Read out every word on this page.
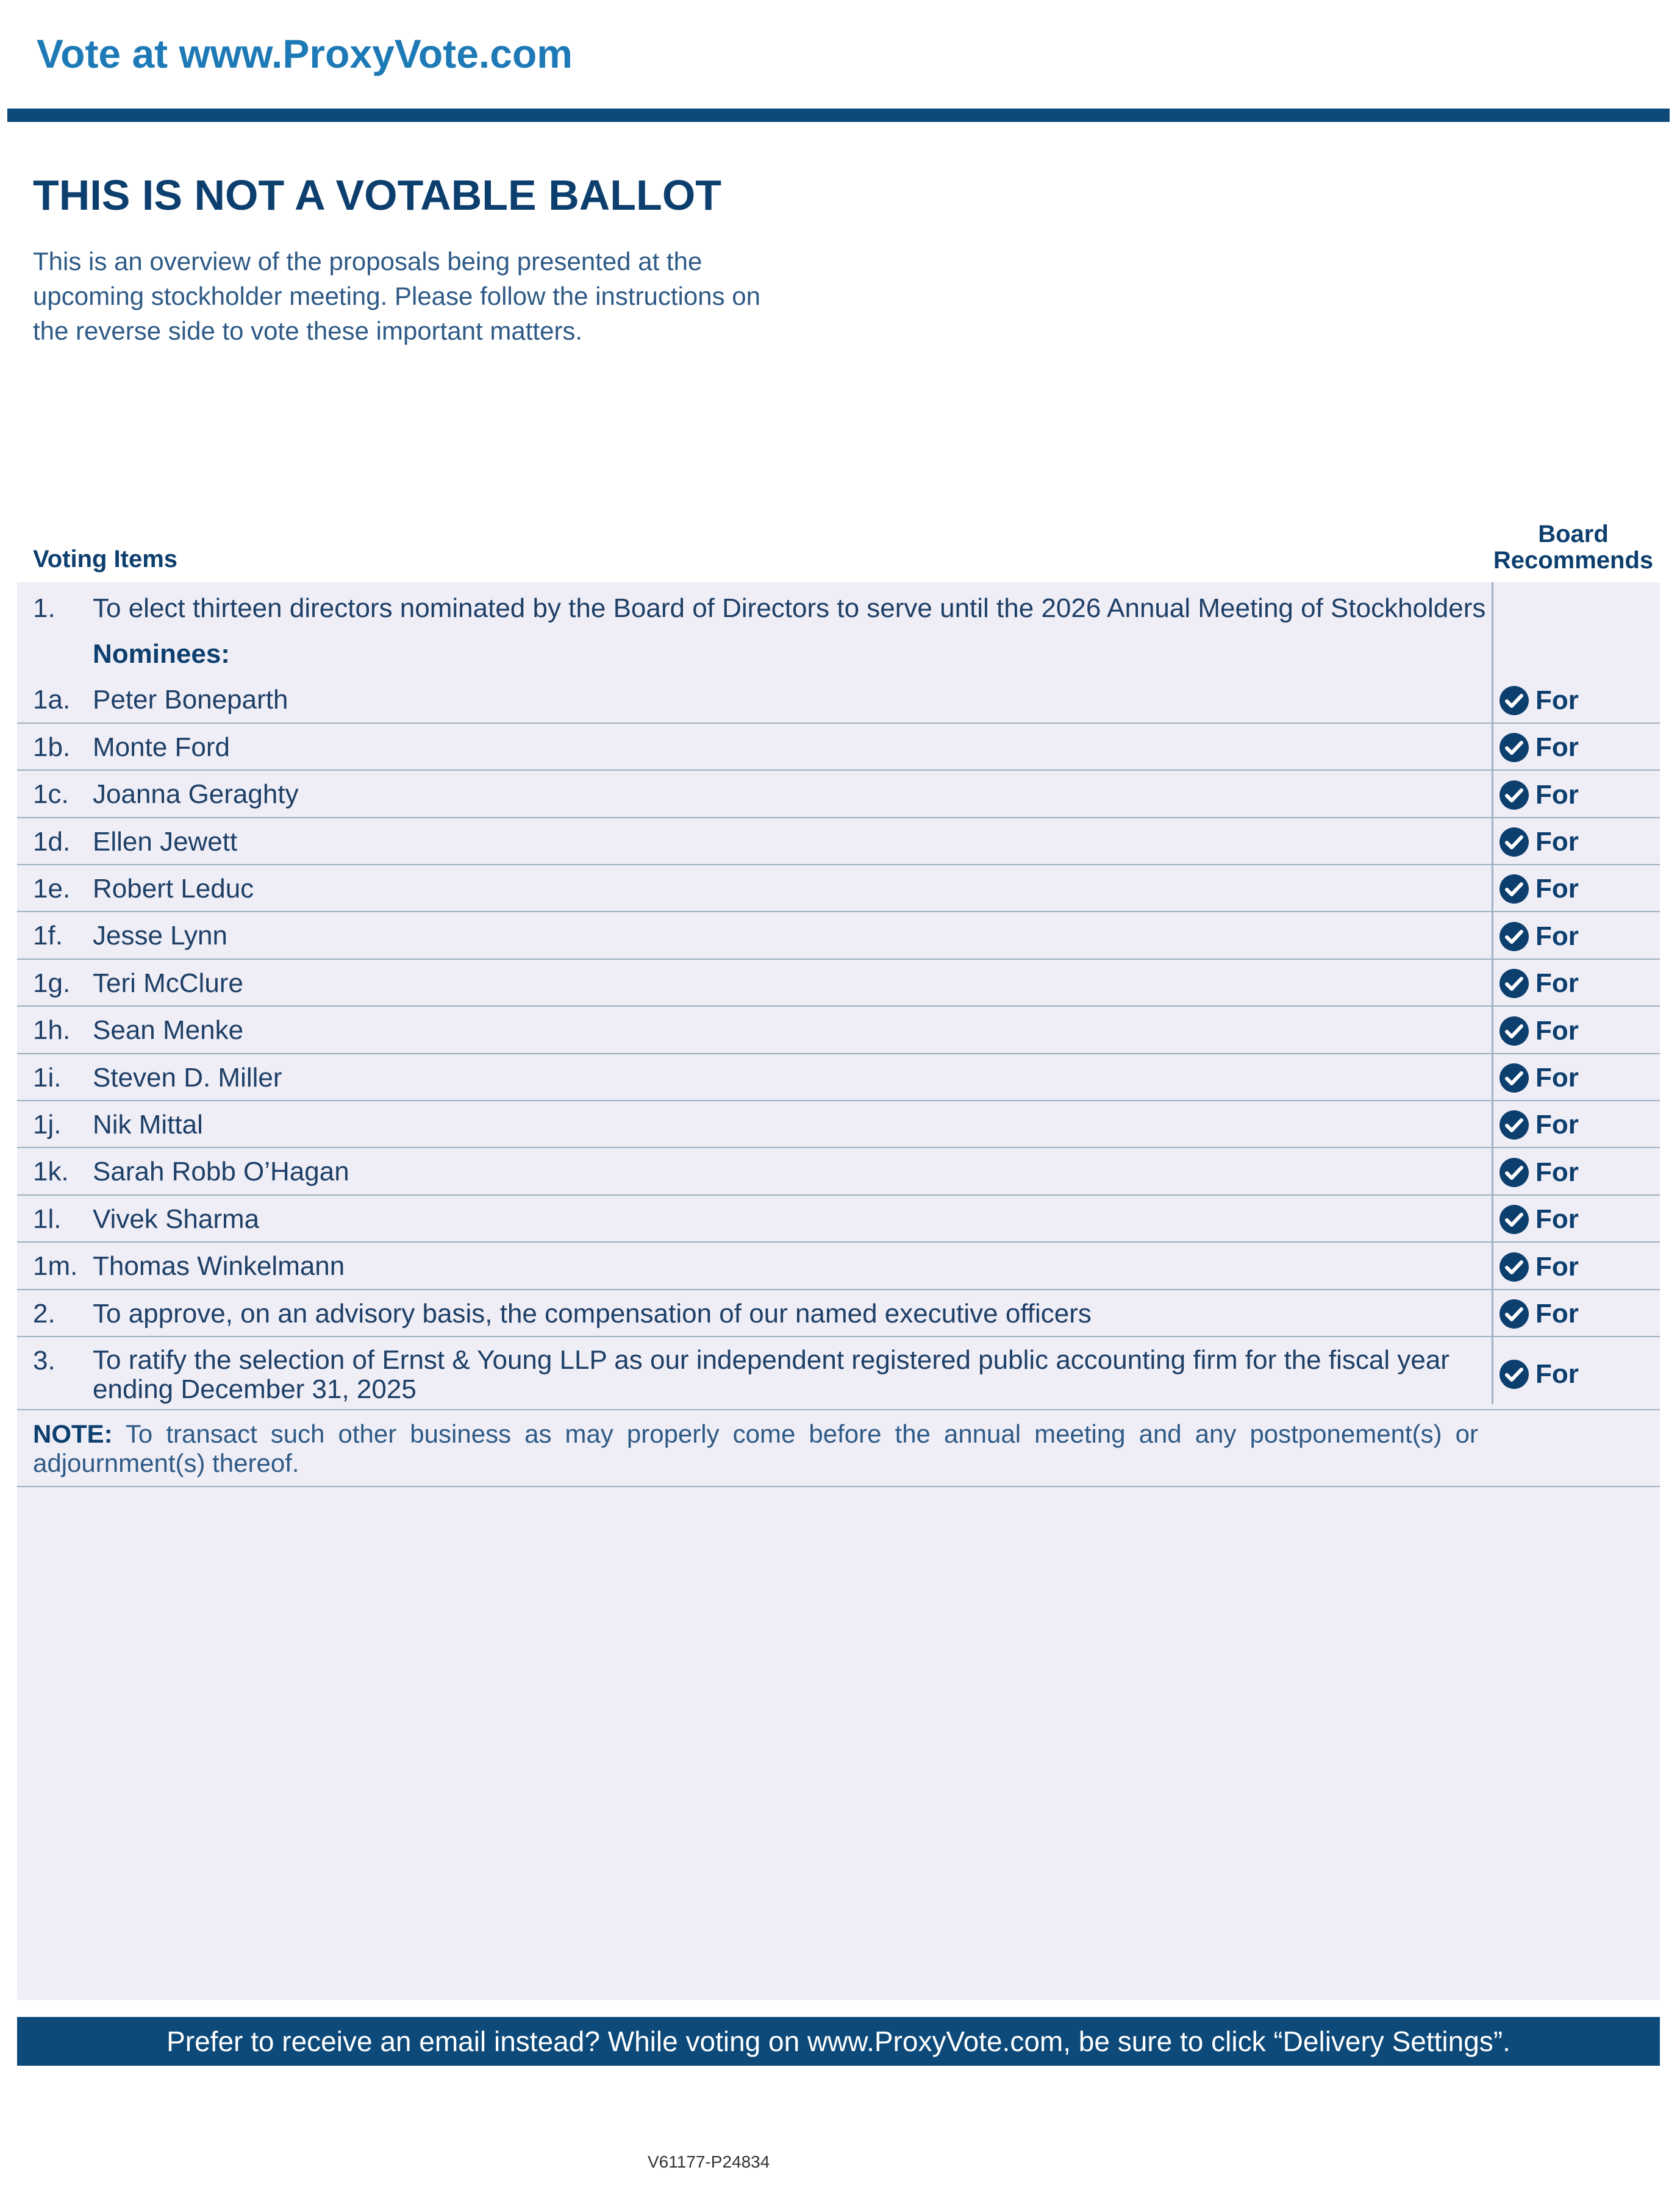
Vote at www.ProxyVote.com
THIS IS NOT A VOTABLE BALLOT
This is an overview of the proposals being presented at the
upcoming stockholder meeting. Please follow the instructions on
the reverse side to vote these important matters.
Voting Items
Board
Recommends
1. To elect thirteen directors nominated by the Board of Directors to serve until the 2026 Annual Meeting of Stockholders
Nominees:
1a. Peter Boneparth
1b. Monte Ford
1c. Joanna Geraghty
1d. Ellen Jewett
1e. Robert Leduc
1f. Jesse Lynn
1g. Teri McClure
1h. Sean Menke
1i. Steven D. Miller
1j. Nik Mittal
1k. Sarah Robb O’Hagan
1l. Vivek Sharma
1m. Thomas Winkelmann
2. To approve, on an advisory basis, the compensation of our named executive officers
3. To ratify the selection of Ernst & Young LLP as our independent registered public accounting firm for the fiscal year
ending December 31, 2025
For
For
For
For
For
For
For
For
For
For
For
For
For
For
For
NOTE: To transact such other business as may properly come before the annual meeting and any postponement(s) or adjournment(s) thereof.
Prefer to receive an email instead? While voting on www.ProxyVote.com, be sure to click “Delivery Settings”.
V61177-P24834
